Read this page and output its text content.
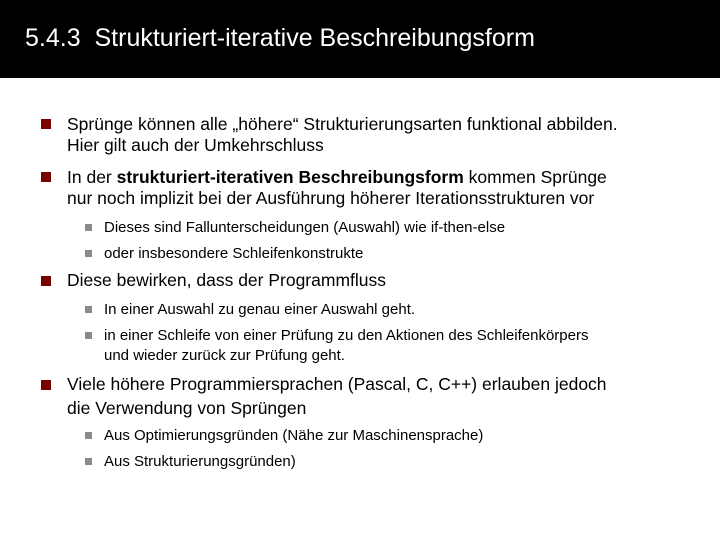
5.4.3  Strukturiert-iterative Beschreibungsform
Sprünge können alle „höhere“ Strukturierungsarten funktional abbilden.
Hier gilt auch der Umkehrschluss
In der strukturiert-iterativen Beschreibungsform kommen Sprünge
nur noch implizit bei der Ausführung höherer Iterationsstrukturen vor
Dieses sind Fallunterscheidungen (Auswahl) wie if-then-else
oder insbesondere Schleifenkonstrukte
Diese bewirken, dass der Programmfluss
In einer Auswahl zu genau einer Auswahl geht.
in einer Schleife von einer Prüfung zu den Aktionen des Schleifenkörpers
und wieder zurück zur Prüfung geht.
Viele höhere Programmiersprachen (Pascal, C, C++) erlauben jedoch
die Verwendung von Sprüngen
Aus Optimierungsgründen (Nähe zur Maschinensprache)
Aus Strukturierungsgründen)
